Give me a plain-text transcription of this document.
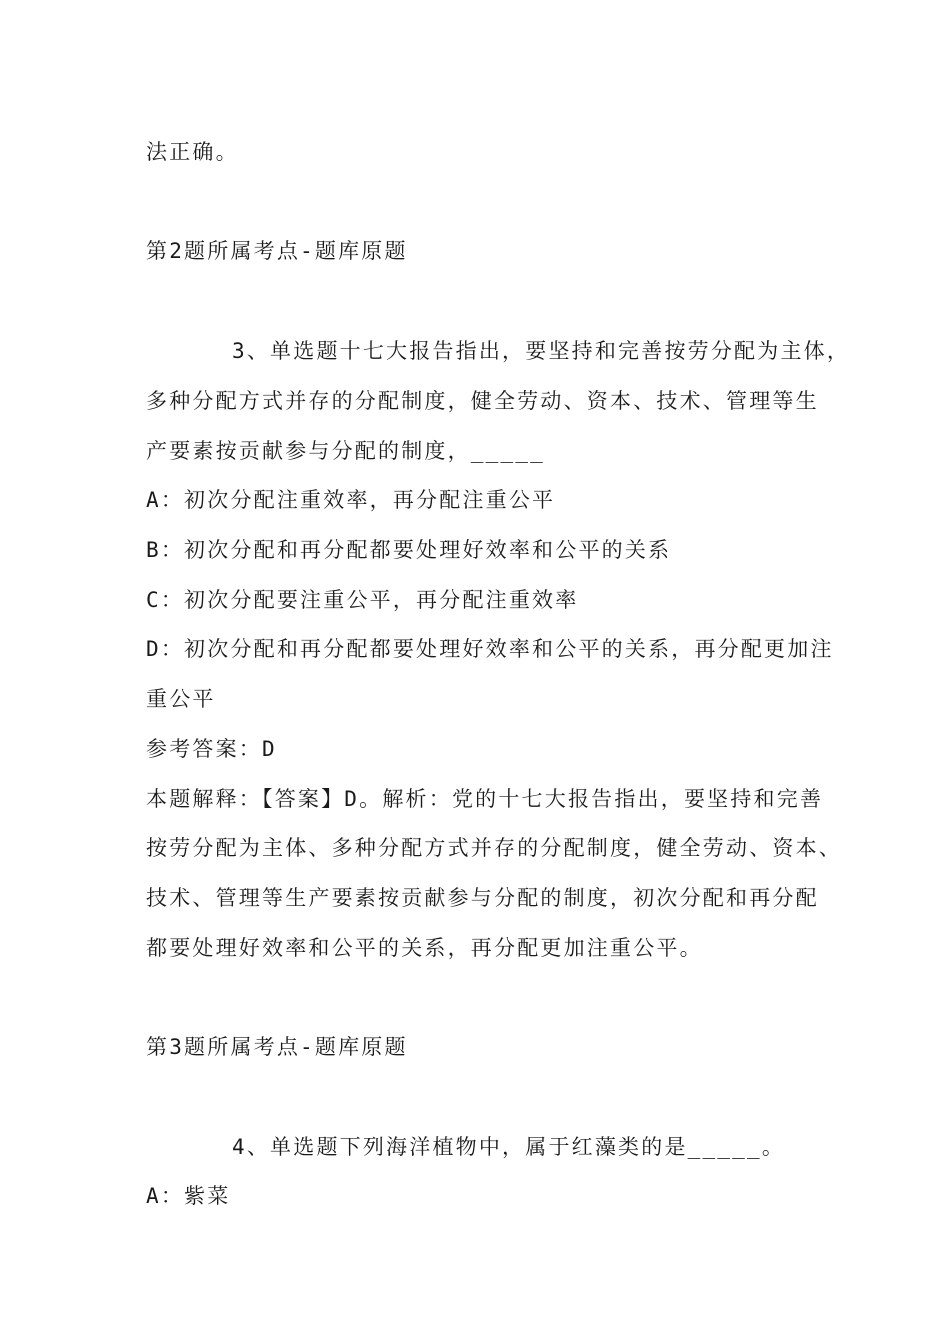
法正确。
第2题所属考点-题库原题
3、单选题十七大报告指出，要坚持和完善按劳分配为主体，
多种分配方式并存的分配制度，健全劳动、资本、技术、管理等生
产要素按贡献参与分配的制度，_____
A：初次分配注重效率，再分配注重公平
B：初次分配和再分配都要处理好效率和公平的关系
C：初次分配要注重公平，再分配注重效率
D：初次分配和再分配都要处理好效率和公平的关系，再分配更加注
重公平
参考答案：D
本题解释：【答案】D。解析：党的十七大报告指出，要坚持和完善
按劳分配为主体、多种分配方式并存的分配制度，健全劳动、资本、
技术、管理等生产要素按贡献参与分配的制度，初次分配和再分配
都要处理好效率和公平的关系，再分配更加注重公平。
第3题所属考点-题库原题
4、单选题下列海洋植物中，属于红藻类的是_____。
A：紫菜
